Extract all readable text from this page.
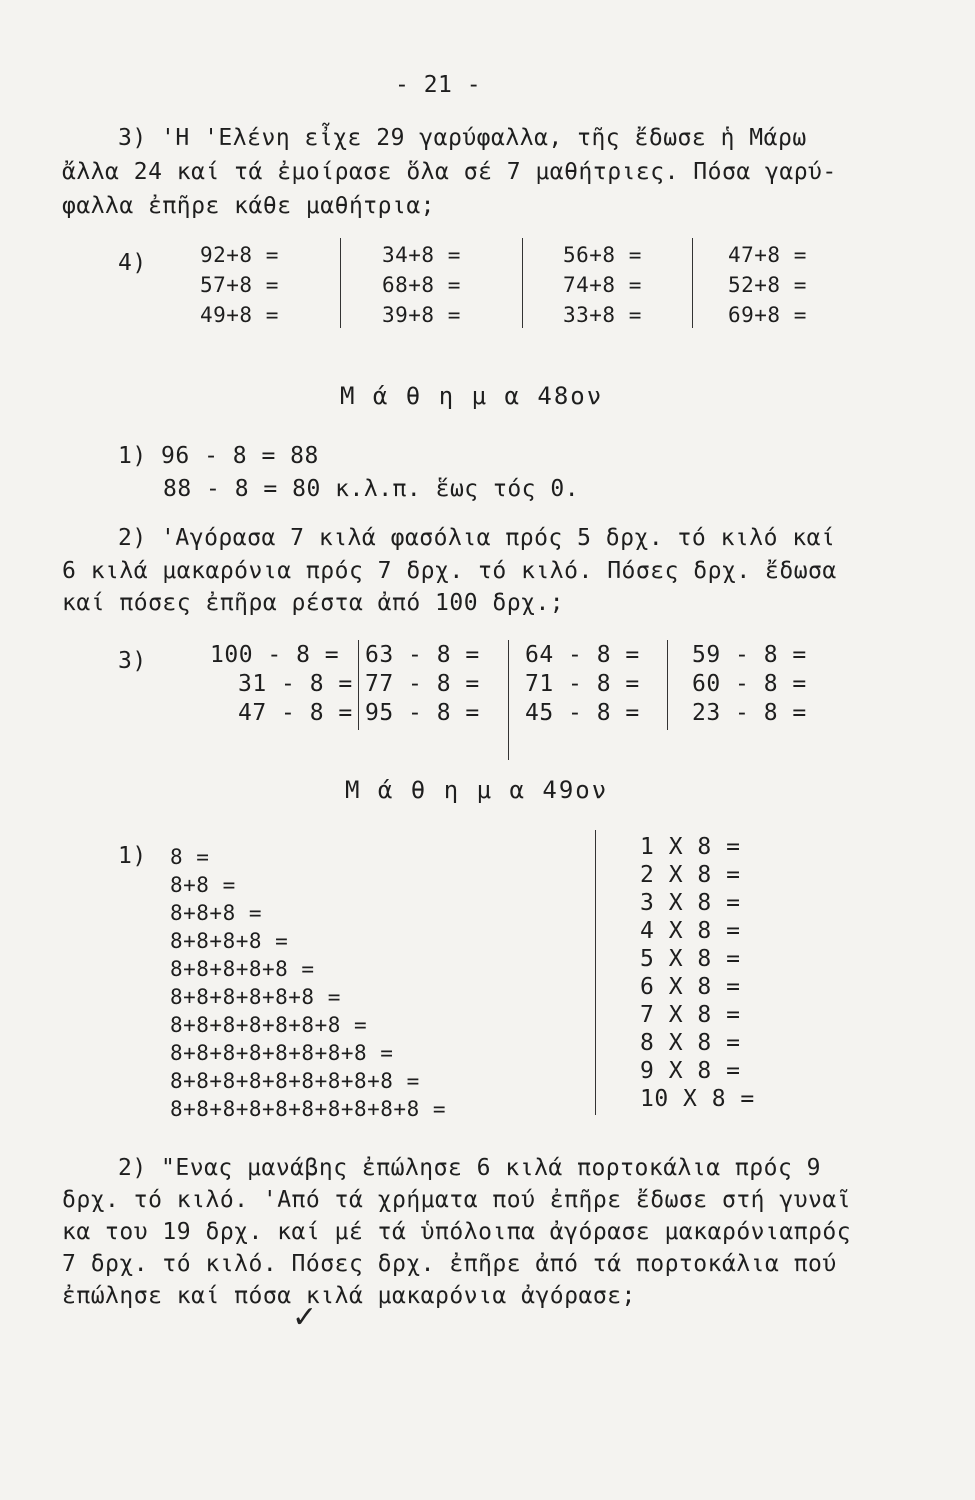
- 21 -
3) 'Η 'Ελένη εἶχε 29 γαρύφαλλα, τῆς ἔδωσε ἡ Μάρω
ἄλλα 24 καί τά ἐμοίρασε ὅλα σέ 7 μαθήτριες. Πόσα γαρύ-
φαλλα ἐπῆρε κάθε μαθήτρια;
4)	92+8 =
57+8 =
49+8 =
34+8 =
68+8 =
39+8 =
56+8 =
74+8 =
33+8 =
47+8 =
52+8 =
69+8 =
Μ ά θ η μ α 48ον
1) 96 - 8 = 88
88 - 8 = 80 κ.λ.π. ἕως τός 0.
2) 'Αγόρασα 7 κιλά φασόλια πρός 5 δρχ. τό κιλό καί
6 κιλά μακαρόνια πρός 7 δρχ. τό κιλό. Πόσες δρχ. ἔδωσα
καί πόσες ἐπῆρα ρέστα ἀπό 100 δρχ.;
3)	100 - 8 =
31 - 8 =
47 - 8 =
63 - 8 =
77 - 8 =
95 - 8 =
64 - 8 =
71 - 8 =
45 - 8 =
59 - 8 =
60 - 8 =
23 - 8 =
Μ ά θ η μ α 49ον
1) 8 =
8+8 =
8+8+8 =
8+8+8+8 =
8+8+8+8+8 =
8+8+8+8+8+8 =
8+8+8+8+8+8+8 =
8+8+8+8+8+8+8+8 =
8+8+8+8+8+8+8+8+8 =
8+8+8+8+8+8+8+8+8+8 =
1 X 8 =
2 X 8 =
3 X 8 =
4 X 8 =
5 X 8 =
6 X 8 =
7 X 8 =
8 X 8 =
9 X 8 =
10 X 8 =
2) "Ενας μανάβης ἐπώλησε 6 κιλά πορτοκάλια πρός 9
δρχ. τό κιλό. 'Από τά χρήματα πού ἐπῆρε ἔδωσε στή γυναῖ
κα του 19 δρχ. καί μέ τά ὑπόλοιπα ἀγόρασε μακαρόνιαπρός
7 δρχ. τό κιλό. Πόσες δρχ. ἐπῆρε ἀπό τά πορτοκάλια πού
ἐπώλησε καί πόσα κιλά μακαρόνια ἀγόρασε;
✓
